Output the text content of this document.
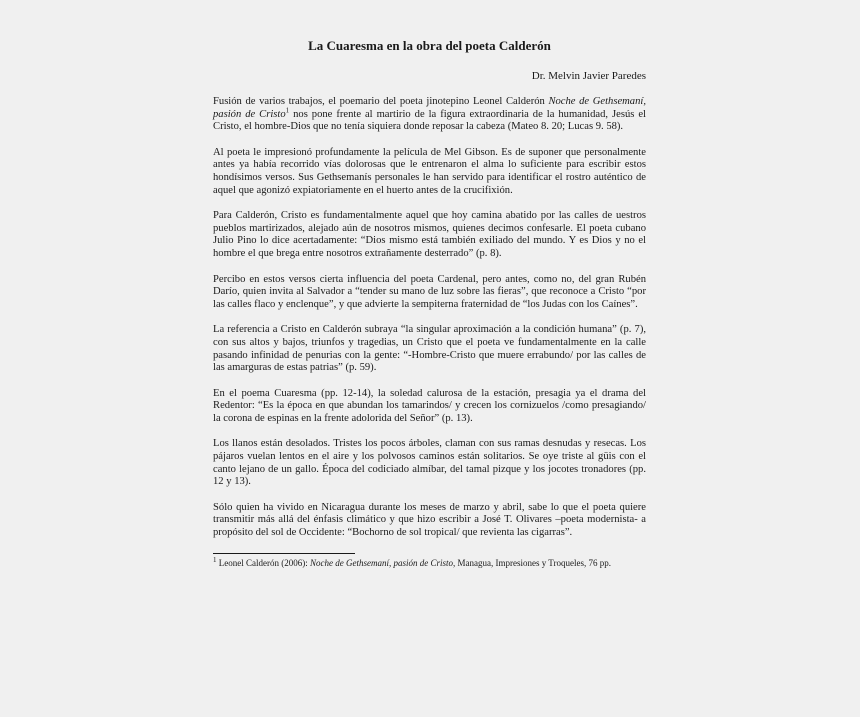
La Cuaresma en la obra del poeta Calderón
Dr. Melvin Javier Paredes

Fusión de varios trabajos, el poemario del poeta jinotepino Leonel Calderón Noche de Gethsemaní, pasión de Cristo$^1$ nos pone frente al martirio de la figura extraordinaria de la humanidad, Jesús el Cristo, el hombre-Dios que no tenía siquiera donde reposar la cabeza (Mateo 8. 20; Lucas 9. 58).

Al poeta le impresionó profundamente la película de Mel Gibson. Es de suponer que personalmente antes ya había recorrido vías dolorosas que le entrenaron el alma lo suficiente para escribir estos hondísimos versos. Sus Gethsemanís personales le han servido para identificar el rostro auténtico de aquel que agonizó expiatoriamente en el huerto antes de la crucifixión.

Para Calderón, Cristo es fundamentalmente aquel que hoy camina abatido por las calles de uestros pueblos martirizados, alejado aún de nosotros mismos, quienes decimos confesarle. El poeta cubano Julio Pino lo dice acertadamente: “Dios mismo está también exiliado del mundo. Y es Dios y no el hombre el que brega entre nosotros extrañamente desterrado” (p. 8).

Percibo en estos versos cierta influencia del poeta Cardenal, pero antes, como no, del gran Rubén Darío, quien invita al Salvador a “tender su mano de luz sobre las fieras”, que reconoce a Cristo “por las calles flaco y enclenque”, y que advierte la sempiterna fraternidad de “los Judas con los Caínes”.

La referencia a Cristo en Calderón subraya “la singular aproximación a la condición humana” (p. 7), con sus altos y bajos, triunfos y tragedias, un Cristo que el poeta ve fundamentalmente en la calle pasando infinidad de penurias con la gente: “-Hombre-Cristo que muere errabundo/ por las calles de las amarguras de estas patrias” (p. 59).

En el poema Cuaresma (pp. 12-14), la soledad calurosa de la estación, presagia ya el drama del Redentor: “Es la época en que abundan los tamarindos/ y crecen los cornizuelos /como presagiando/ la corona de espinas en la frente adolorida del Señor” (p. 13).

Los llanos están desolados. Tristes los pocos árboles, claman con sus ramas desnudas y resecas. Los pájaros vuelan lentos en el aire y los polvosos caminos están solitarios. Se oye triste al güis con el canto lejano de un gallo. Época del codiciado almíbar, del tamal pizque y los jocotes tronadores (pp. 12 y 13).

Sólo quien ha vivido en Nicaragua durante los meses de marzo y abril, sabe lo que el poeta quiere transmitir más allá del énfasis climático y que hizo escribir a José T. Olivares –poeta modernista- a propósito del sol de Occidente: “Bochorno de sol tropical/ que revienta las cigarras”.

$^1$ Leonel Calderón (2006): Noche de Gethsemaní, pasión de Cristo, Managua, Impresiones y Troqueles, 76 pp.
